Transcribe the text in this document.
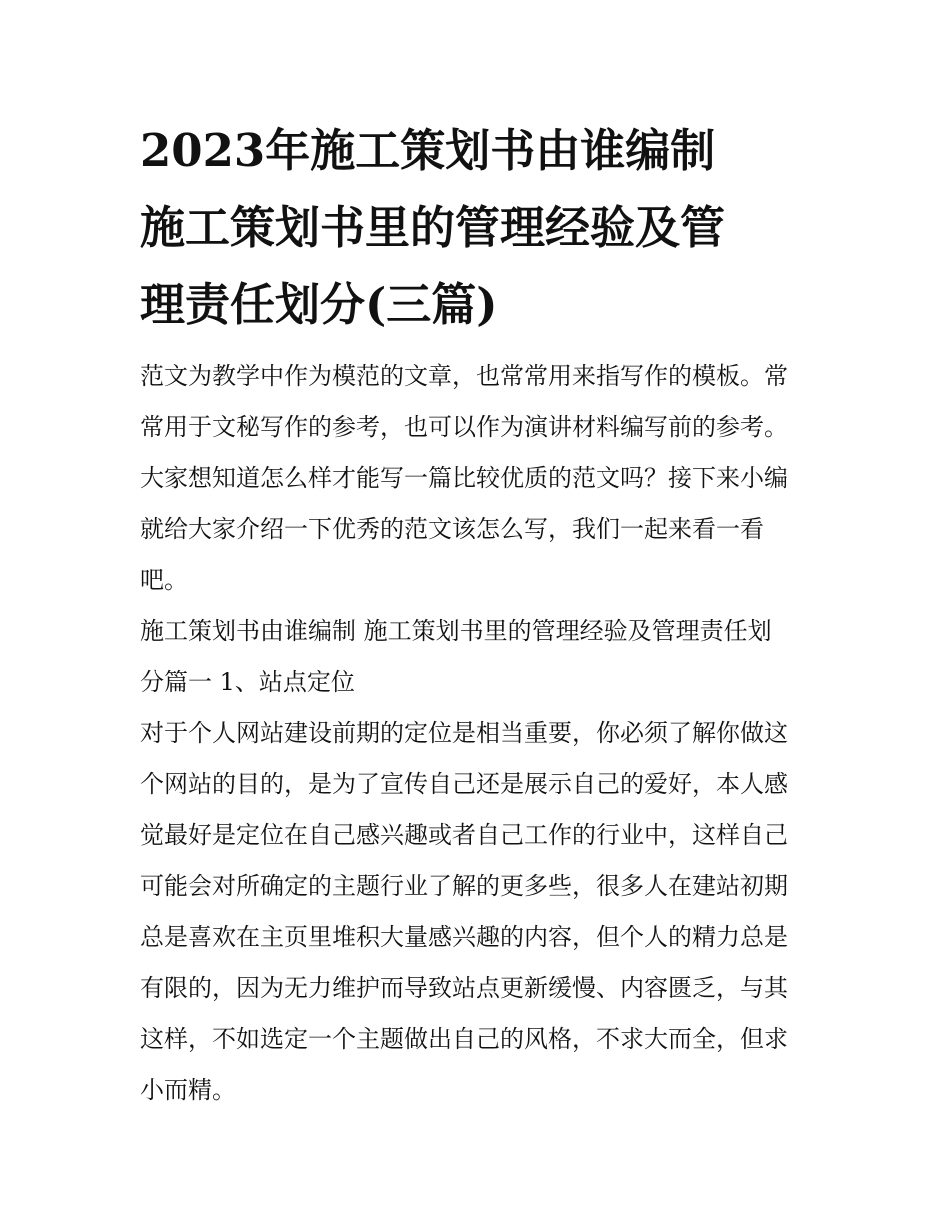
2023年施工策划书由谁编制
施工策划书里的管理经验及管
理责任划分(三篇)

范文为教学中作为模范的文章，也常常用来指写作的模板。常
常用于文秘写作的参考，也可以作为演讲材料编写前的参考。
大家想知道怎么样才能写一篇比较优质的范文吗？接下来小编
就给大家介绍一下优秀的范文该怎么写，我们一起来看一看
吧。

施工策划书由谁编制 施工策划书里的管理经验及管理责任划
分篇一 1、站点定位

对于个人网站建设前期的定位是相当重要，你必须了解你做这
个网站的目的，是为了宣传自己还是展示自己的爱好，本人感
觉最好是定位在自己感兴趣或者自己工作的行业中，这样自己
可能会对所确定的主题行业了解的更多些，很多人在建站初期
总是喜欢在主页里堆积大量感兴趣的内容，但个人的精力总是
有限的，因为无力维护而导致站点更新缓慢、内容匮乏，与其
这样，不如选定一个主题做出自己的风格，不求大而全，但求
小而精。
